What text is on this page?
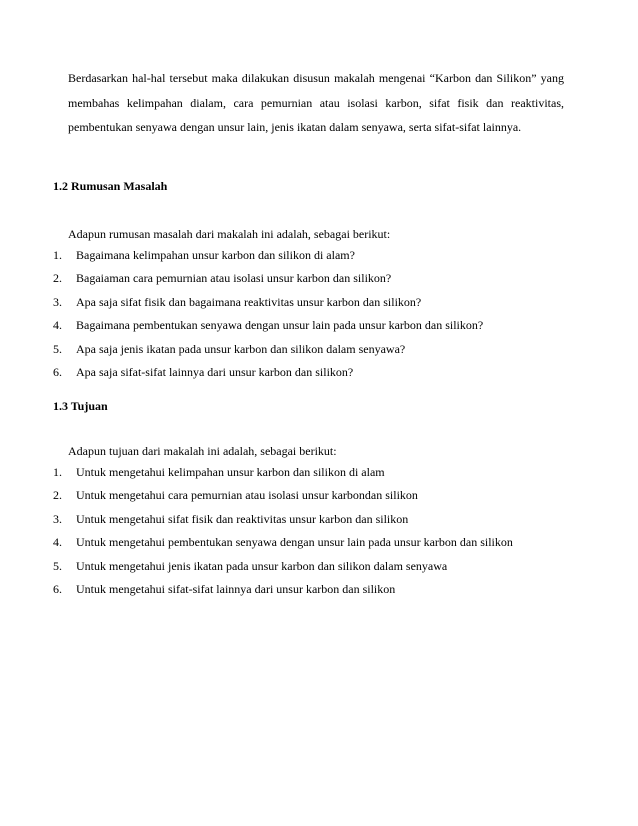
Berdasarkan hal-hal tersebut maka dilakukan disusun makalah mengenai “Karbon dan Silikon” yang membahas kelimpahan dialam, cara pemurnian atau isolasi karbon, sifat fisik dan reaktivitas, pembentukan senyawa dengan unsur lain, jenis ikatan dalam senyawa, serta sifat-sifat lainnya.

1.2 Rumusan Masalah

Adapun rumusan masalah dari makalah ini adalah, sebagai berikut:

1. Bagaimana kelimpahan unsur karbon dan silikon di alam?
2. Bagaiaman cara pemurnian atau isolasi unsur karbon dan silikon?
3. Apa saja sifat fisik dan bagaimana reaktivitas unsur karbon dan silikon?
4. Bagaimana pembentukan senyawa dengan unsur lain pada unsur karbon dan silikon?
5. Apa saja jenis ikatan pada unsur karbon dan silikon dalam senyawa?
6. Apa saja sifat-sifat lainnya dari unsur karbon dan silikon?

1.3 Tujuan

Adapun tujuan dari makalah ini adalah, sebagai berikut:

1. Untuk mengetahui kelimpahan unsur karbon dan silikon di alam
2. Untuk mengetahui cara pemurnian atau isolasi unsur karbondan silikon
3. Untuk mengetahui sifat fisik dan reaktivitas unsur karbon dan silikon
4. Untuk mengetahui pembentukan senyawa dengan unsur lain pada unsur karbon dan silikon
5. Untuk mengetahui jenis ikatan pada unsur karbon dan silikon dalam senyawa
6. Untuk mengetahui sifat-sifat lainnya dari unsur karbon dan silikon
